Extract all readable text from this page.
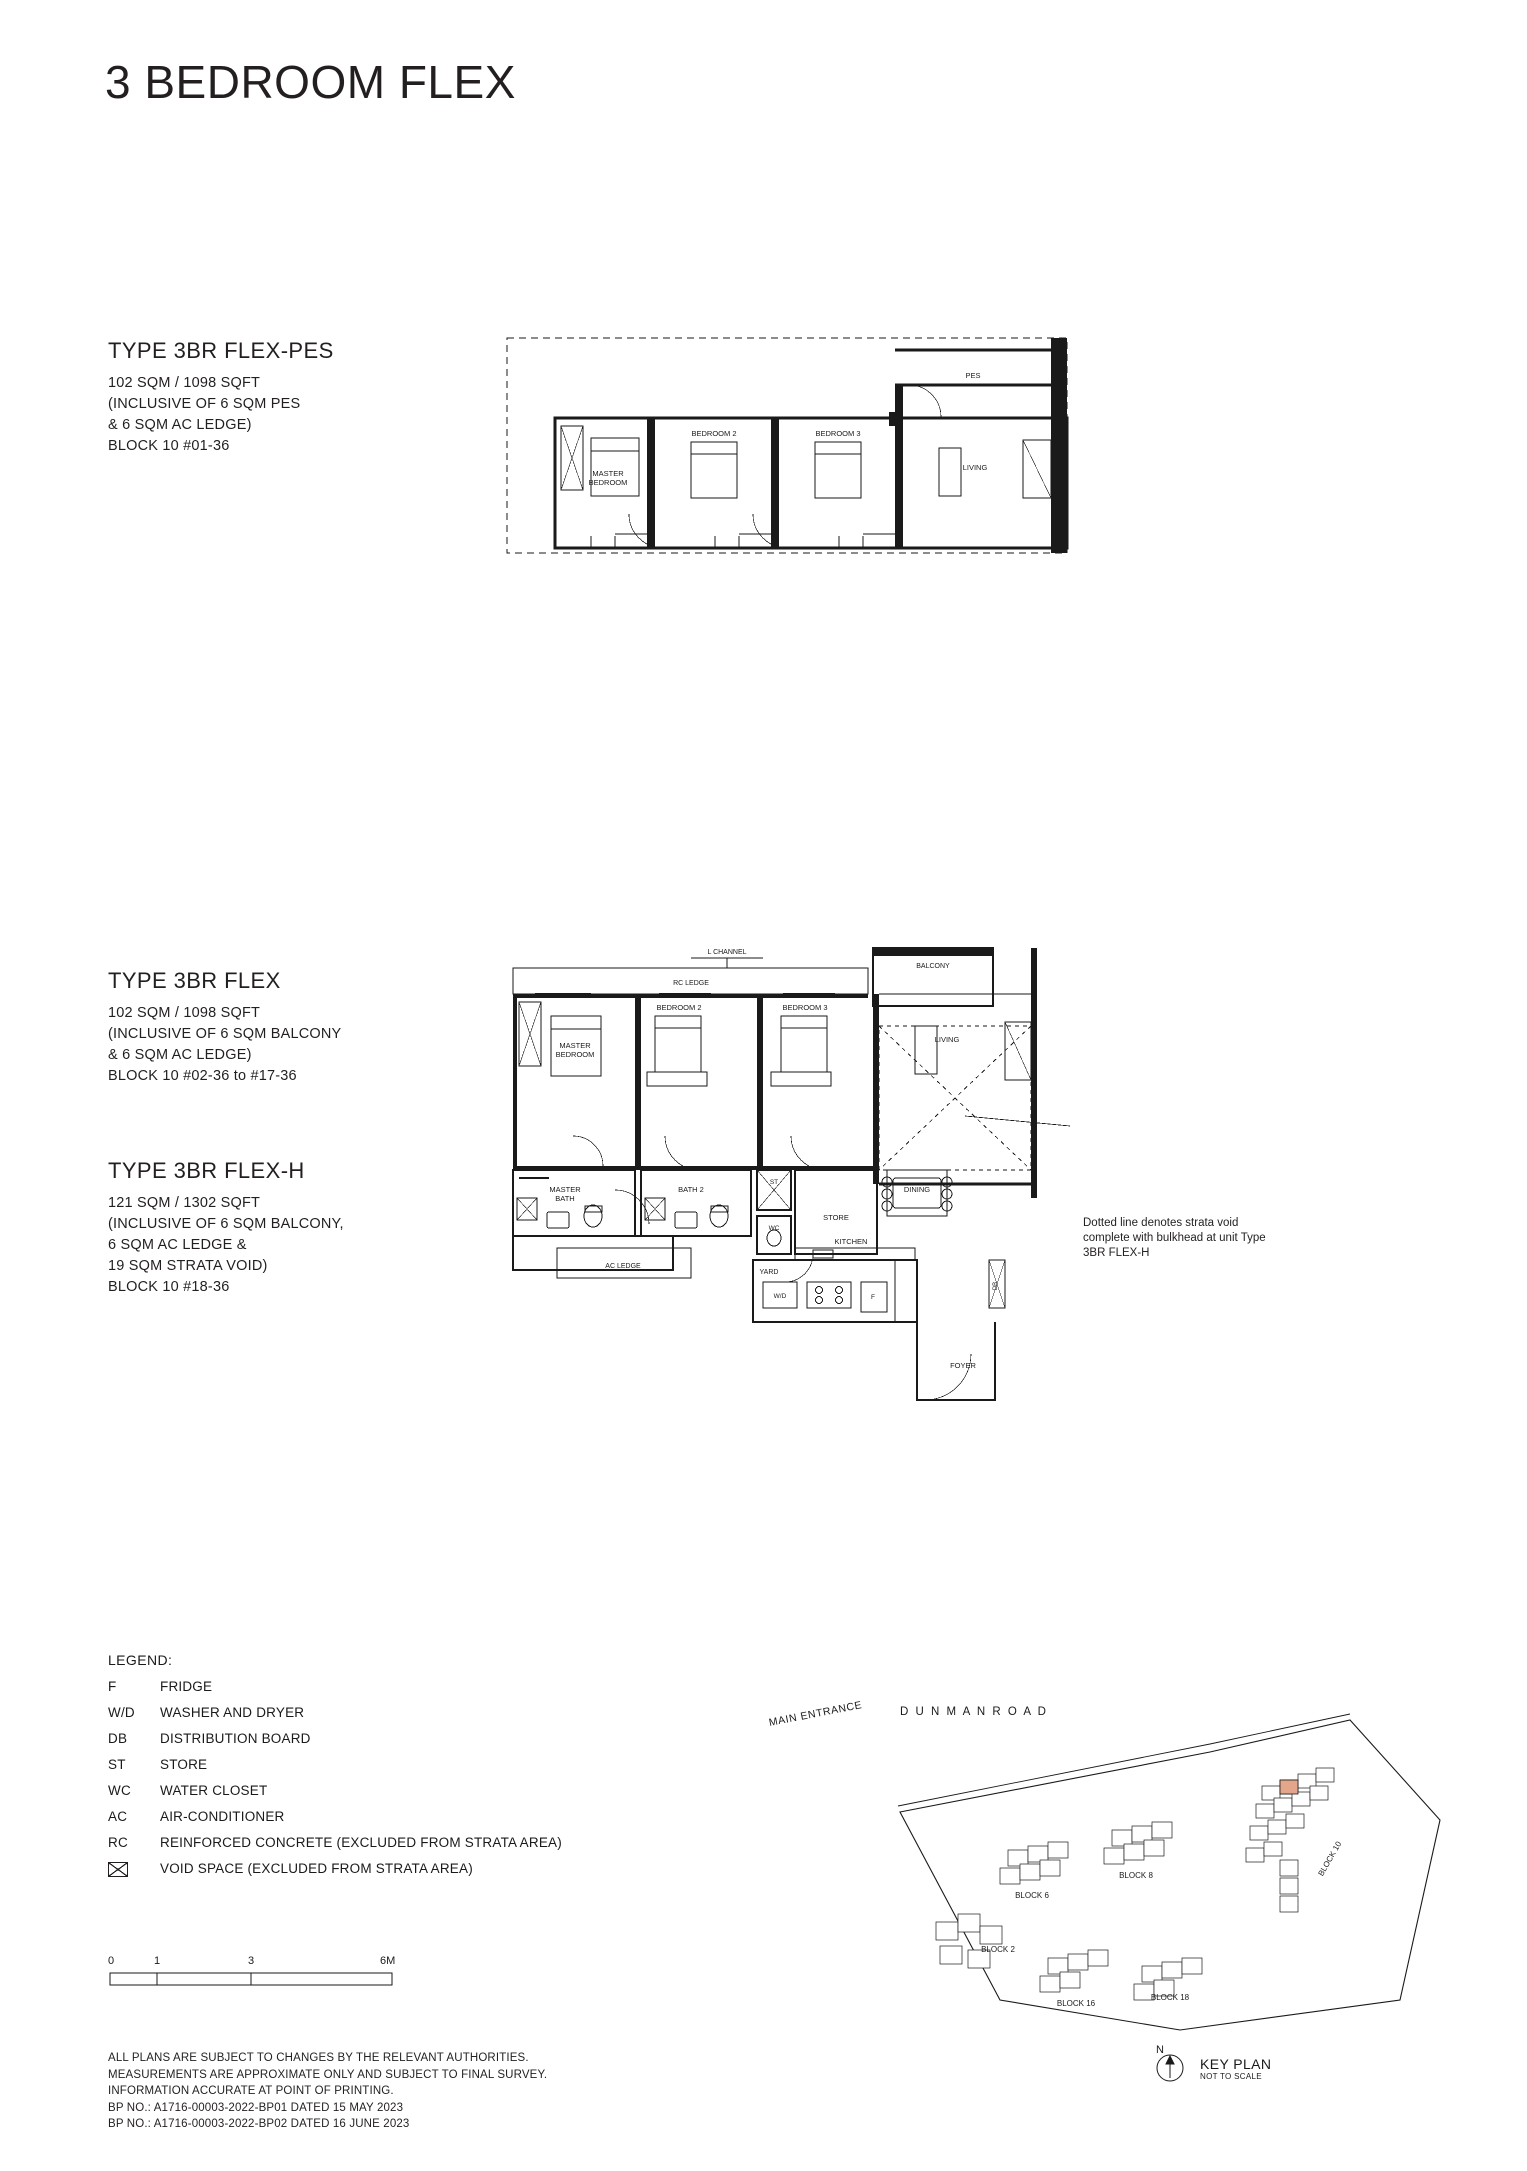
3 BEDROOM FLEX
TYPE 3BR FLEX-PES
102 SQM / 1098 SQFT
(INCLUSIVE OF 6 SQM PES
& 6 SQM AC LEDGE)
BLOCK 10 #01-36
TYPE 3BR FLEX
102 SQM / 1098 SQFT
(INCLUSIVE OF 6 SQM BALCONY
& 6 SQM AC LEDGE)
BLOCK 10 #02-36 to #17-36
TYPE 3BR FLEX-H
121 SQM / 1302 SQFT
(INCLUSIVE OF 6 SQM BALCONY,
6 SQM AC LEDGE &
19 SQM STRATA VOID)
BLOCK 10 #18-36
MASTER
BEDROOM
BEDROOM 2	BEDROOM 3
LIVING
PES
L CHANNEL
RC LEDGE
BALCONY
MASTER
BEDROOM
BEDROOM 2	BEDROOM 3
LIVING
MASTER
BATH
BATH 2
ST
WC
STORE
DINING
AC LEDGE
YARD
KITCHEN
W/D	F
FOYER
DB
Dotted line denotes strata void complete with bulkhead at unit Type 3BR FLEX-H
LEGEND:
F	FRIDGE
W/D	WASHER AND DRYER
DB	DISTRIBUTION BOARD
ST	STORE
WC	WATER CLOSET
AC	AIR-CONDITIONER
RC	REINFORCED CONCRETE (EXCLUDED FROM STRATA AREA)
VOID SPACE (EXCLUDED FROM STRATA AREA)
0	1	3	6M
ALL PLANS ARE SUBJECT TO CHANGES BY THE RELEVANT AUTHORITIES.
MEASUREMENTS ARE APPROXIMATE ONLY AND SUBJECT TO FINAL SURVEY.
INFORMATION ACCURATE AT POINT OF PRINTING.
BP NO.: A1716-00003-2022-BP01 DATED 15 MAY 2023
BP NO.: A1716-00003-2022-BP02 DATED 16 JUNE 2023
BLOCK 2
BLOCK 6
BLOCK 8
BLOCK 16
BLOCK 18
BLOCK 10
D U N M A N R O A D
MAIN ENTRANCE
N
KEY PLAN
NOT TO SCALE
